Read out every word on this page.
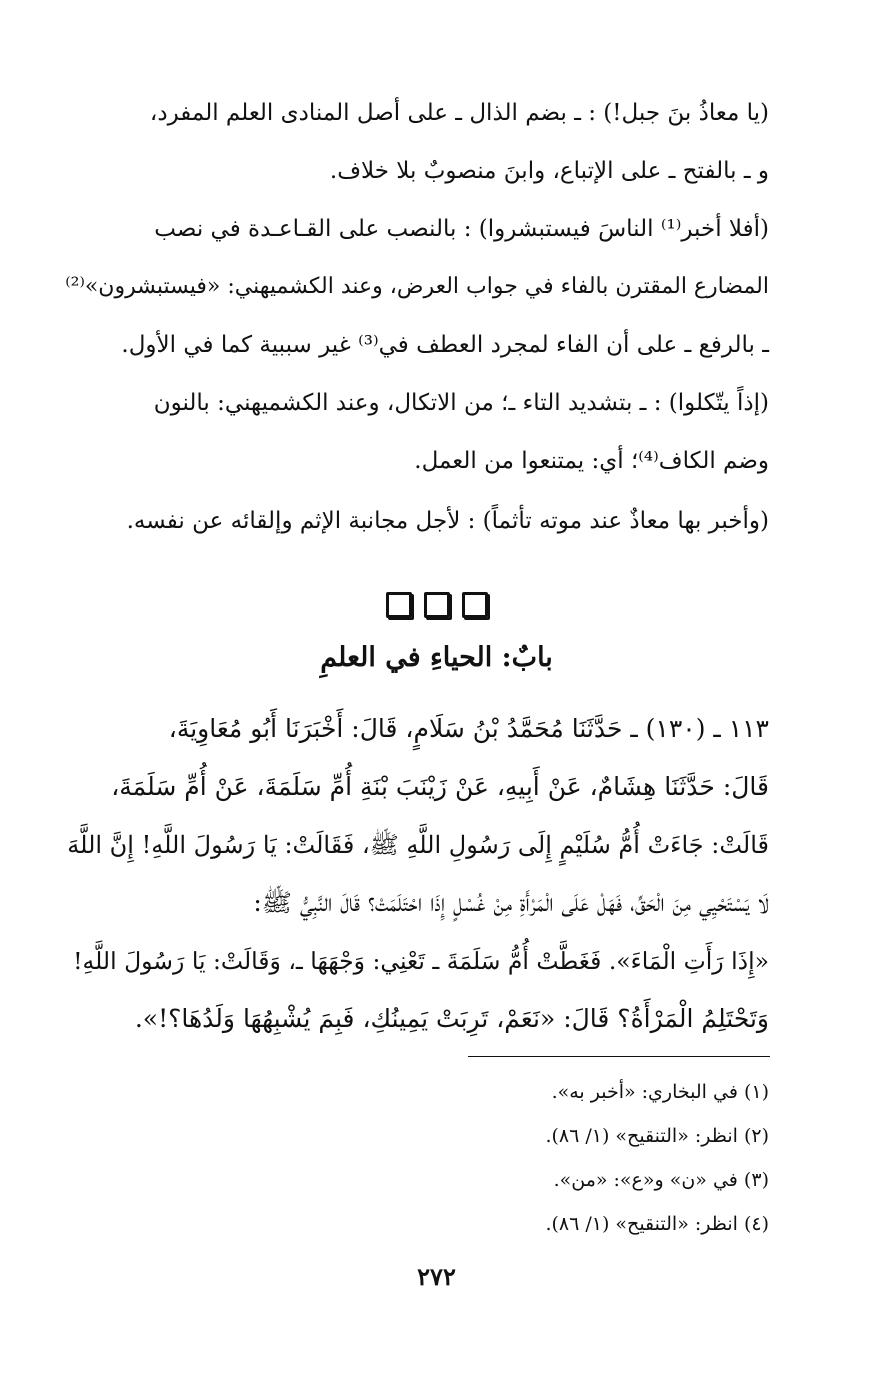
(يا معاذُ بنَ جبل!) : ـ بضم الذال ـ على أصل المنادى العلم المفرد،
و ـ بالفتح ـ على الإتباع، وابنَ منصوبٌ بلا خلاف.
(أفلا أخبر⁽¹⁾ الناسَ فيستبشروا) : بالنصب على القـاعـدة في نصب
المضارع المقترن بالفاء في جواب العرض، وعند الكشميهني: «فيستبشرون»⁽²⁾
ـ بالرفع ـ على أن الفاء لمجرد العطف في⁽³⁾ غير سببية كما في الأول.
(إذاً يتّكلوا) : ـ بتشديد التاء ـ؛ من الاتكال، وعند الكشميهني: بالنون
وضم الكاف⁽⁴⁾؛ أي: يمتنعوا من العمل.
(وأخبر بها معاذٌ عند موته تأثماً) : لأجل مجانبة الإثم وإلقائه عن نفسه.
بابٌ: الحياءِ في العلمِ
١١٣ ـ (١٣٠) ـ حَدَّثَنَا مُحَمَّدُ بْنُ سَلَامٍ، قَالَ: أَخْبَرَنَا أَبُو مُعَاوِيَةَ،
قَالَ: حَدَّثَنَا هِشَامٌ، عَنْ أَبِيهِ، عَنْ زَيْنَبَ بْنَةِ أُمِّ سَلَمَةَ، عَنْ أُمِّ سَلَمَةَ،
قَالَتْ: جَاءَتْ أُمُّ سُلَيْمٍ إِلَى رَسُولِ اللَّهِ ﷺ، فَقَالَتْ: يَا رَسُولَ اللَّهِ! إِنَّ اللَّهَ
لَا يَسْتَحْيِي مِنَ الْحَقِّ، فَهَلْ عَلَى الْمَرْأَةِ مِنْ غُسْلٍ إِذَا احْتَلَمَتْ؟ قَالَ النَّبِيُّ ﷺ:
«إِذَا رَأَتِ الْمَاءَ». فَغَطَّتْ أُمُّ سَلَمَةَ ـ تَعْنِي: وَجْهَهَا ـ، وَقَالَتْ: يَا رَسُولَ اللَّهِ!
وَتَحْتَلِمُ الْمَرْأَةُ؟ قَالَ: «نَعَمْ، تَرِبَتْ يَمِينُكِ، فَبِمَ يُشْبِهُهَا وَلَدُهَا؟!».
(١) في البخاري: «أخبر به».
(٢) انظر: «التنقيح» (١/ ٨٦).
(٣) في «ن» و«ع»: «من».
(٤) انظر: «التنقيح» (١/ ٨٦).
٢٧٢
